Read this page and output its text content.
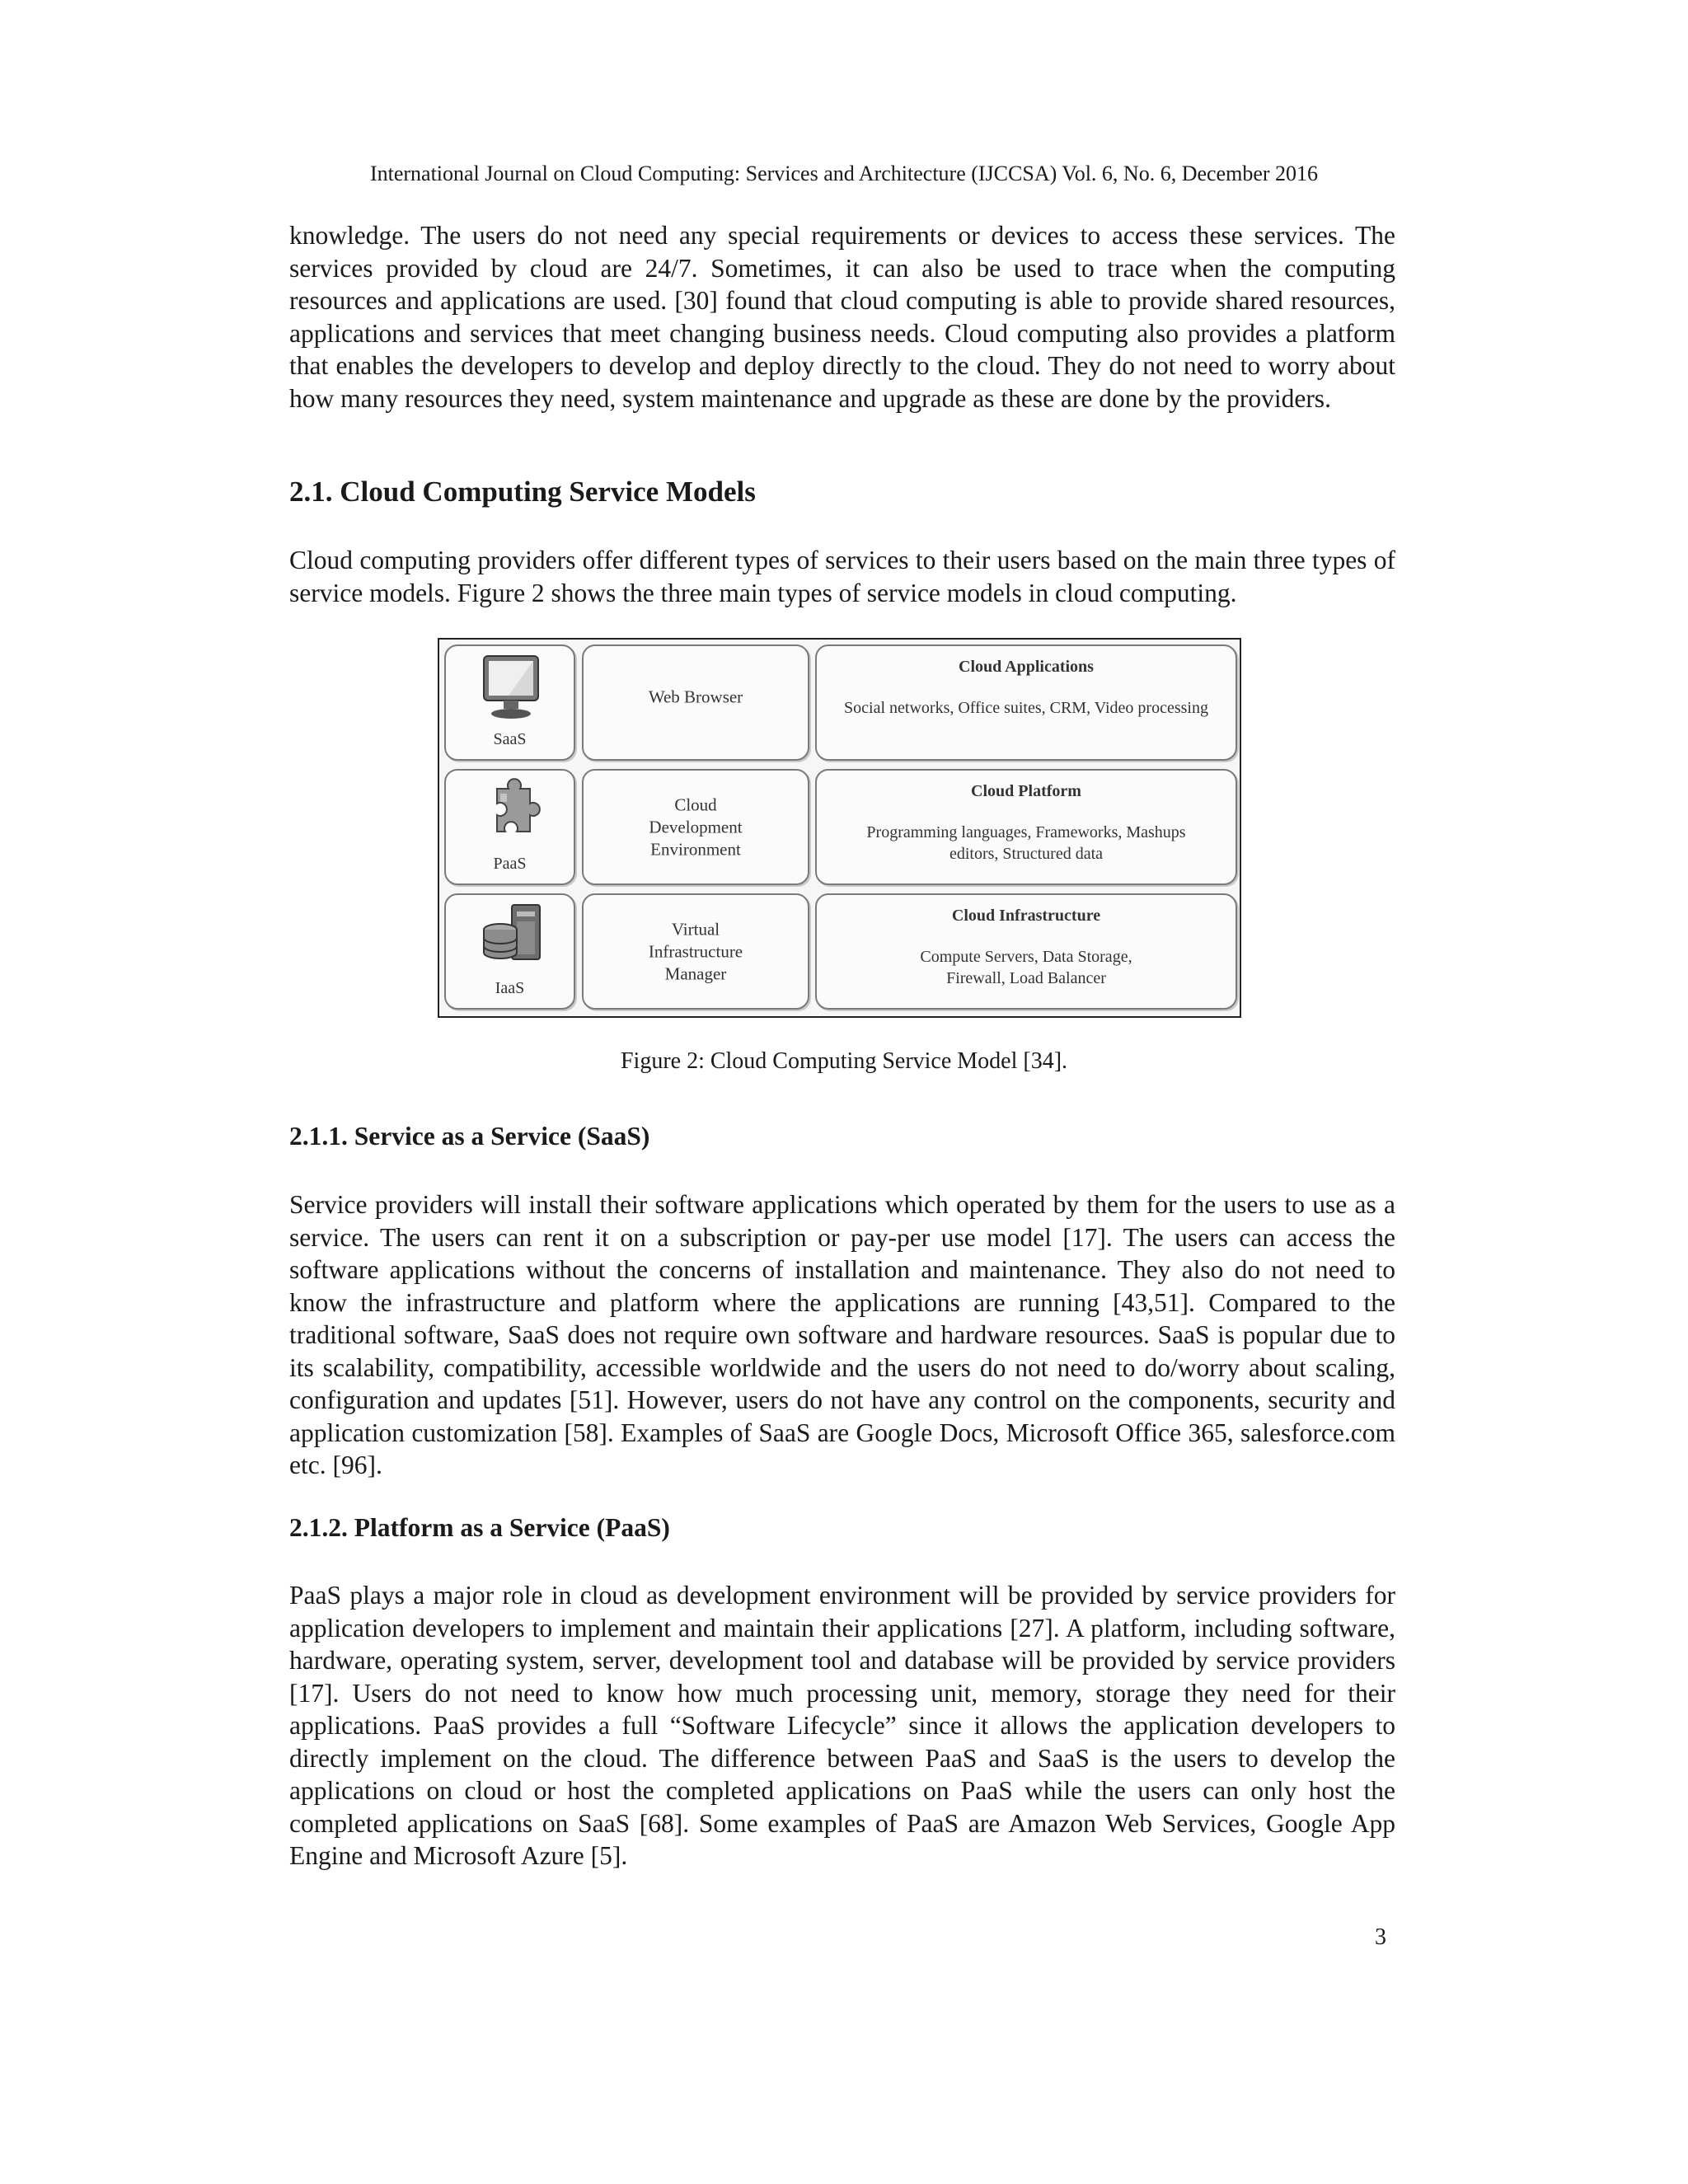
International Journal on Cloud Computing: Services and Architecture (IJCCSA) Vol. 6, No. 6, December 2016

knowledge. The users do not need any special requirements or devices to access these services. The services provided by cloud are 24/7. Sometimes, it can also be used to trace when the computing resources and applications are used. [30] found that cloud computing is able to provide shared resources, applications and services that meet changing business needs. Cloud computing also provides a platform that enables the developers to develop and deploy directly to the cloud. They do not need to worry about how many resources they need, system maintenance and upgrade as these are done by the providers.

2.1. Cloud Computing Service Models

Cloud computing providers offer different types of services to their users based on the main three types of service models. Figure 2 shows the three main types of service models in cloud computing.

SaaS
Web Browser
Cloud Applications
Social networks, Office suites, CRM, Video processing
PaaS
Cloud Development Environment
Cloud Platform
Programming languages, Frameworks, Mashups editors, Structured data
IaaS
Virtual Infrastructure Manager
Cloud Infrastructure
Compute Servers, Data Storage, Firewall, Load Balancer
Figure 2: Cloud Computing Service Model [34].
2.1.1. Service as a Service (SaaS)

Service providers will install their software applications which operated by them for the users to use as a service. The users can rent it on a subscription or pay-per use model [17]. The users can access the software applications without the concerns of installation and maintenance. They also do not need to know the infrastructure and platform where the applications are running [43,51]. Compared to the traditional software, SaaS does not require own software and hardware resources. SaaS is popular due to its scalability, compatibility, accessible worldwide and the users do not need to do/worry about scaling, configuration and updates [51]. However, users do not have any control on the components, security and application customization [58]. Examples of SaaS are Google Docs, Microsoft Office 365, salesforce.com etc. [96].

2.1.2. Platform as a Service (PaaS)

PaaS plays a major role in cloud as development environment will be provided by service providers for application developers to implement and maintain their applications [27]. A platform, including software, hardware, operating system, server, development tool and database will be provided by service providers [17]. Users do not need to know how much processing unit, memory, storage they need for their applications. PaaS provides a full “Software Lifecycle” since it allows the application developers to directly implement on the cloud. The difference between PaaS and SaaS is the users to develop the applications on cloud or host the completed applications on PaaS while the users can only host the completed applications on SaaS [68]. Some examples of PaaS are Amazon Web Services, Google App Engine and Microsoft Azure [5].

3
